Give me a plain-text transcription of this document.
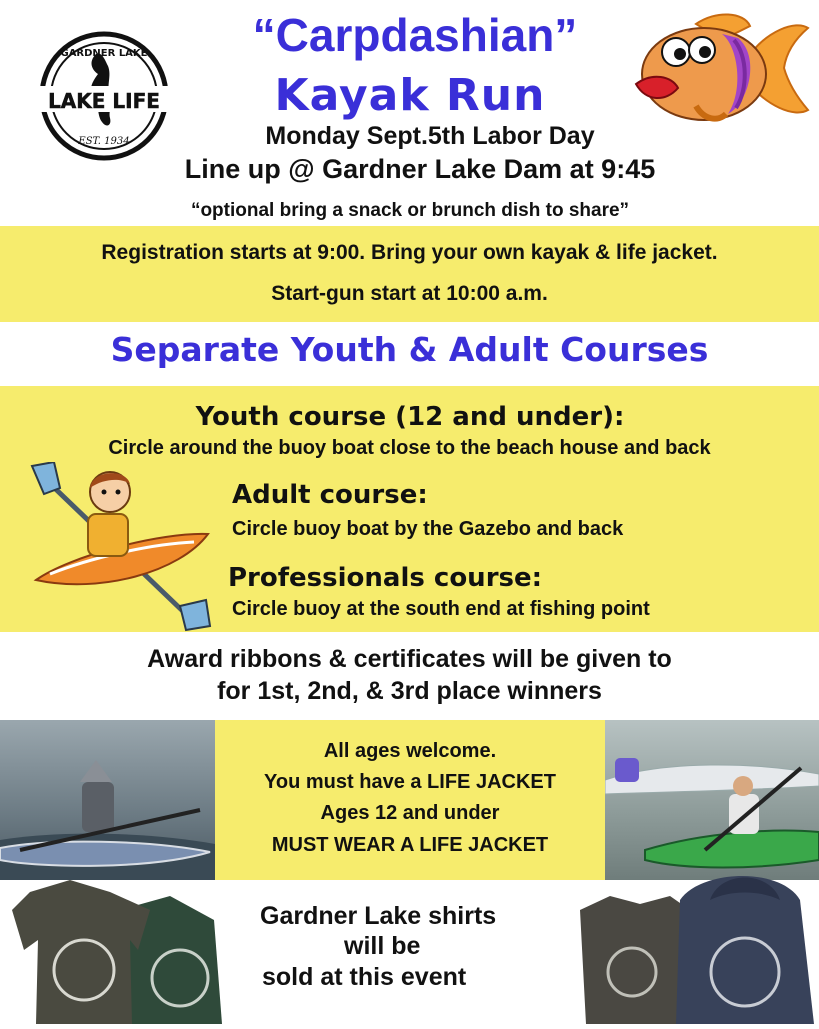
LAKE LIFE
GARDNER LAKE
EST. 1934
“Carpdashian”
Kayak Run
Monday Sept.5th Labor Day
Line up @ Gardner Lake Dam at 9:45
“optional bring a snack or brunch dish to share”
Registration starts at 9:00. Bring your own kayak & life jacket.
Start-gun start at 10:00 a.m.
Separate Youth & Adult Courses
Youth course (12 and under):
Circle around the buoy boat close to the beach house and back
Adult course:
Circle buoy boat by the Gazebo and back
Professionals course:
Circle buoy at the south end at fishing point
Award ribbons & certificates will be given to
for 1st, 2nd, & 3rd place winners
All ages welcome.
You must have a LIFE JACKET
Ages 12 and under
MUST WEAR A LIFE JACKET
Gardner Lake shirts
will be
sold at this event
